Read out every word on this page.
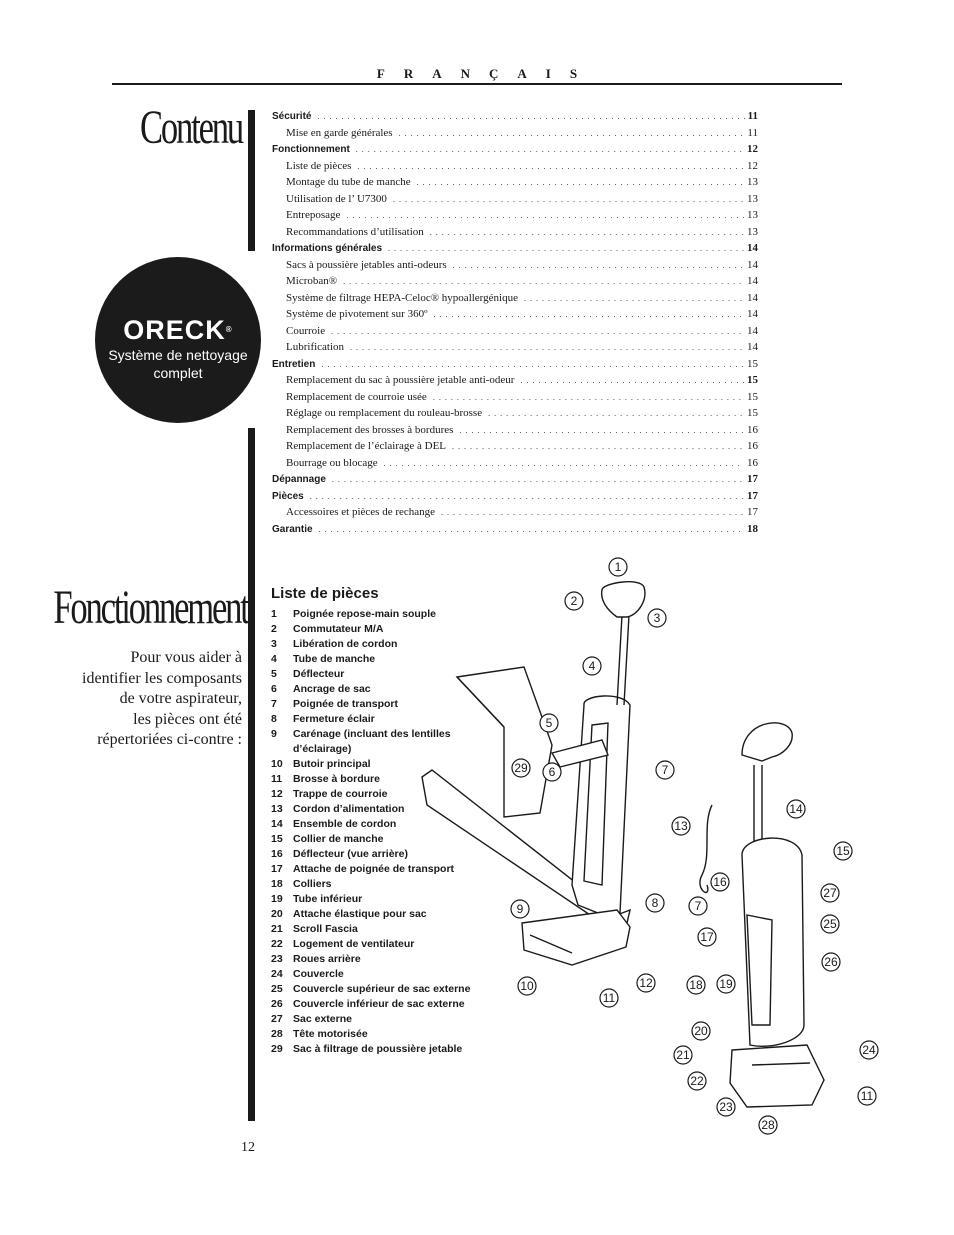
FRANÇAIS
Contenu	Sécurité . . .	11
Mise en garde générales . . .	11
Fonctionnement . . .	12
Liste de pièces . . .	12
Montage du tube de manche . . .	13
Utilisation de l’ U7300 . . .	13
Entreposage . . .	13
Recommandations d’utilisation . . .	13
Informations générales . . .	14
Sacs à poussière jetables anti-odeurs . . .	14
Microban® . . .	14
Système de filtrage HEPA-Celoc® hypoallergénique . . .	14
Système de pivotement sur 360º . . .	14
Courroie . . .	14
Lubrification . . .	14
Entretien . . .	15
Remplacement du sac à poussière jetable anti-odeur . . .	15
Remplacement de courroie usée . . .	15
Réglage ou remplacement du rouleau-brosse . . .	15
Remplacement des brosses à bordures . . .	16
Remplacement de l’éclairage à DEL . . .	16
Bourrage ou blocage . . .	16
Dépannage . . .	17
Pièces . . .	17
Accessoires et pièces de rechange . . .	17
Garantie . . .	18
ORECK®
Système de nettoyage
complet
Fonctionnement
Pour vous aider à
identifier les composants
de votre aspirateur,
les pièces ont été
répertoriées ci-contre :
Liste de pièces
1	Poignée repose-main souple
2	Commutateur M/A
3	Libération de cordon
4	Tube de manche
5	Déflecteur
6	Ancrage de sac
7	Poignée de transport
8	Fermeture éclair
9	Carénage (incluant des lentilles d’éclairage)
10 Butoir principal
11	Brosse à bordure
12 Trappe de courroie
13 Cordon d’alimentation
14 Ensemble de cordon
15 Collier de manche
16 Déflecteur (vue arrière)
17 Attache de poignée de transport
18 Colliers
19 Tube inférieur
20 Attache élastique pour sac
21 Scroll Fascia
22 Logement de ventilateur
23 Roues arrière
24 Couvercle
25 Couvercle supérieur de sac externe
26 Couvercle inférieur de sac externe
27 Sac externe
28 Tête motorisée
29 Sac à filtrage de poussière jetable
1
2
3
4
5
29 6	7
13
8
9
10
11
12
14
15
16
27
7
25
17
26
18 19
20
21	24
22
11
23
28
12
